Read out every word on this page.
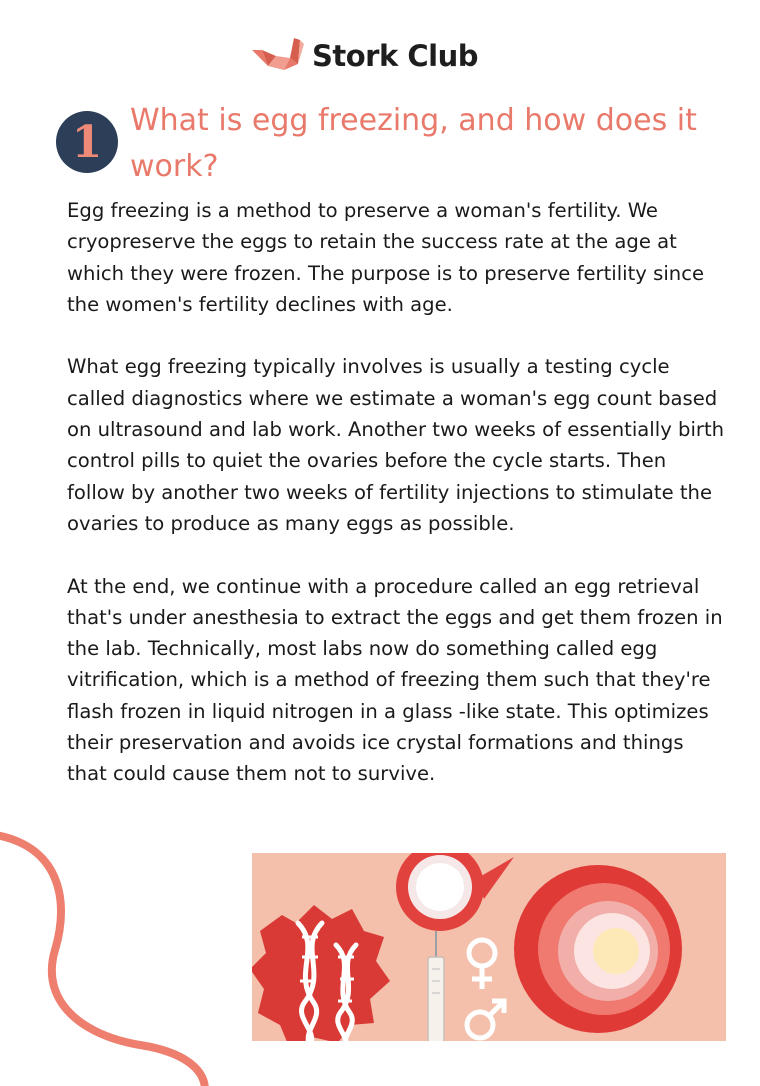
Stork Club
1 What is egg freezing, and how does it work?

Egg freezing is a method to preserve a woman's fertility. We cryopreserve the eggs to retain the success rate at the age at which they were frozen. The purpose is to preserve fertility since the women's fertility declines with age.

What egg freezing typically involves is usually a testing cycle called diagnostics where we estimate a woman's egg count based on ultrasound and lab work. Another two weeks of essentially birth control pills to quiet the ovaries before the cycle starts. Then follow by another two weeks of fertility injections to stimulate the ovaries to produce as many eggs as possible.

At the end, we continue with a procedure called an egg retrieval that's under anesthesia to extract the eggs and get them frozen in the lab. Technically, most labs now do something called egg vitrification, which is a method of freezing them such that they're flash frozen in liquid nitrogen in a glass -like state. This optimizes their preservation and avoids ice crystal formations and things that could cause them not to survive.
